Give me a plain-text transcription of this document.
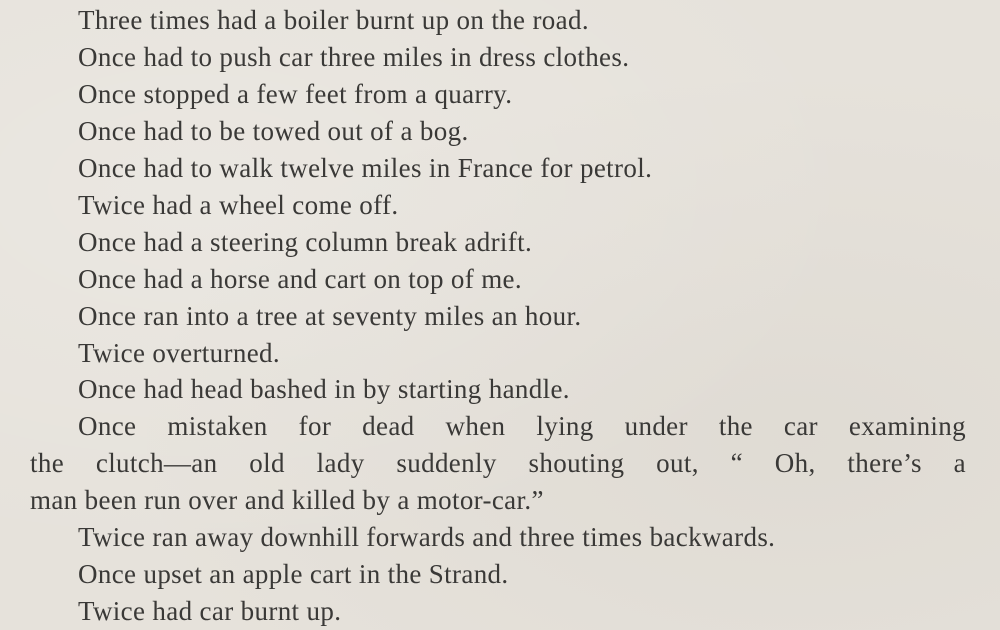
Three times had a boiler burnt up on the road.
Once had to push car three miles in dress clothes.
Once stopped a few feet from a quarry.
Once had to be towed out of a bog.
Once had to walk twelve miles in France for petrol.
Twice had a wheel come off.
Once had a steering column break adrift.
Once had a horse and cart on top of me.
Once ran into a tree at seventy miles an hour.
Twice overturned.
Once had head bashed in by starting handle.
Once mistaken for dead when lying under the car examining
the clutch—an old lady suddenly shouting out, “ Oh, there’s a
man been run over and killed by a motor-car.”
Twice ran away downhill forwards and three times backwards.
Once upset an apple cart in the Strand.
Twice had car burnt up.
